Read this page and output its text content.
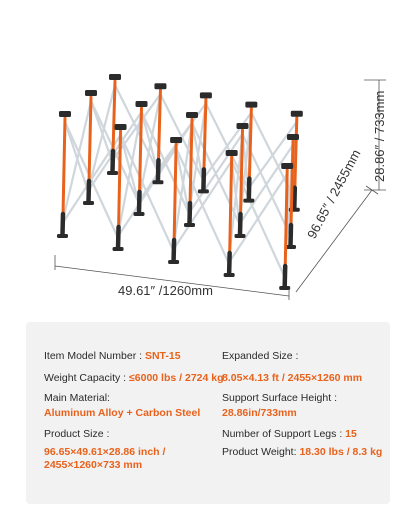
49.61″ /1260mm
96.65″ / 2455mm
28.86″ / 733mm
Item Model Number : SNT-15
Weight Capacity : ≤6000 lbs / 2724 kg
Main Material:
Aluminum Alloy + Carbon Steel
Product Size :
96.65×49.61×28.86 inch / 2455×1260×733 mm
Expanded Size :
8.05×4.13 ft / 2455×1260 mm
Support Surface Height :
28.86in/733mm
Number of Support Legs : 15
Product Weight: 18.30 lbs / 8.3 kg
